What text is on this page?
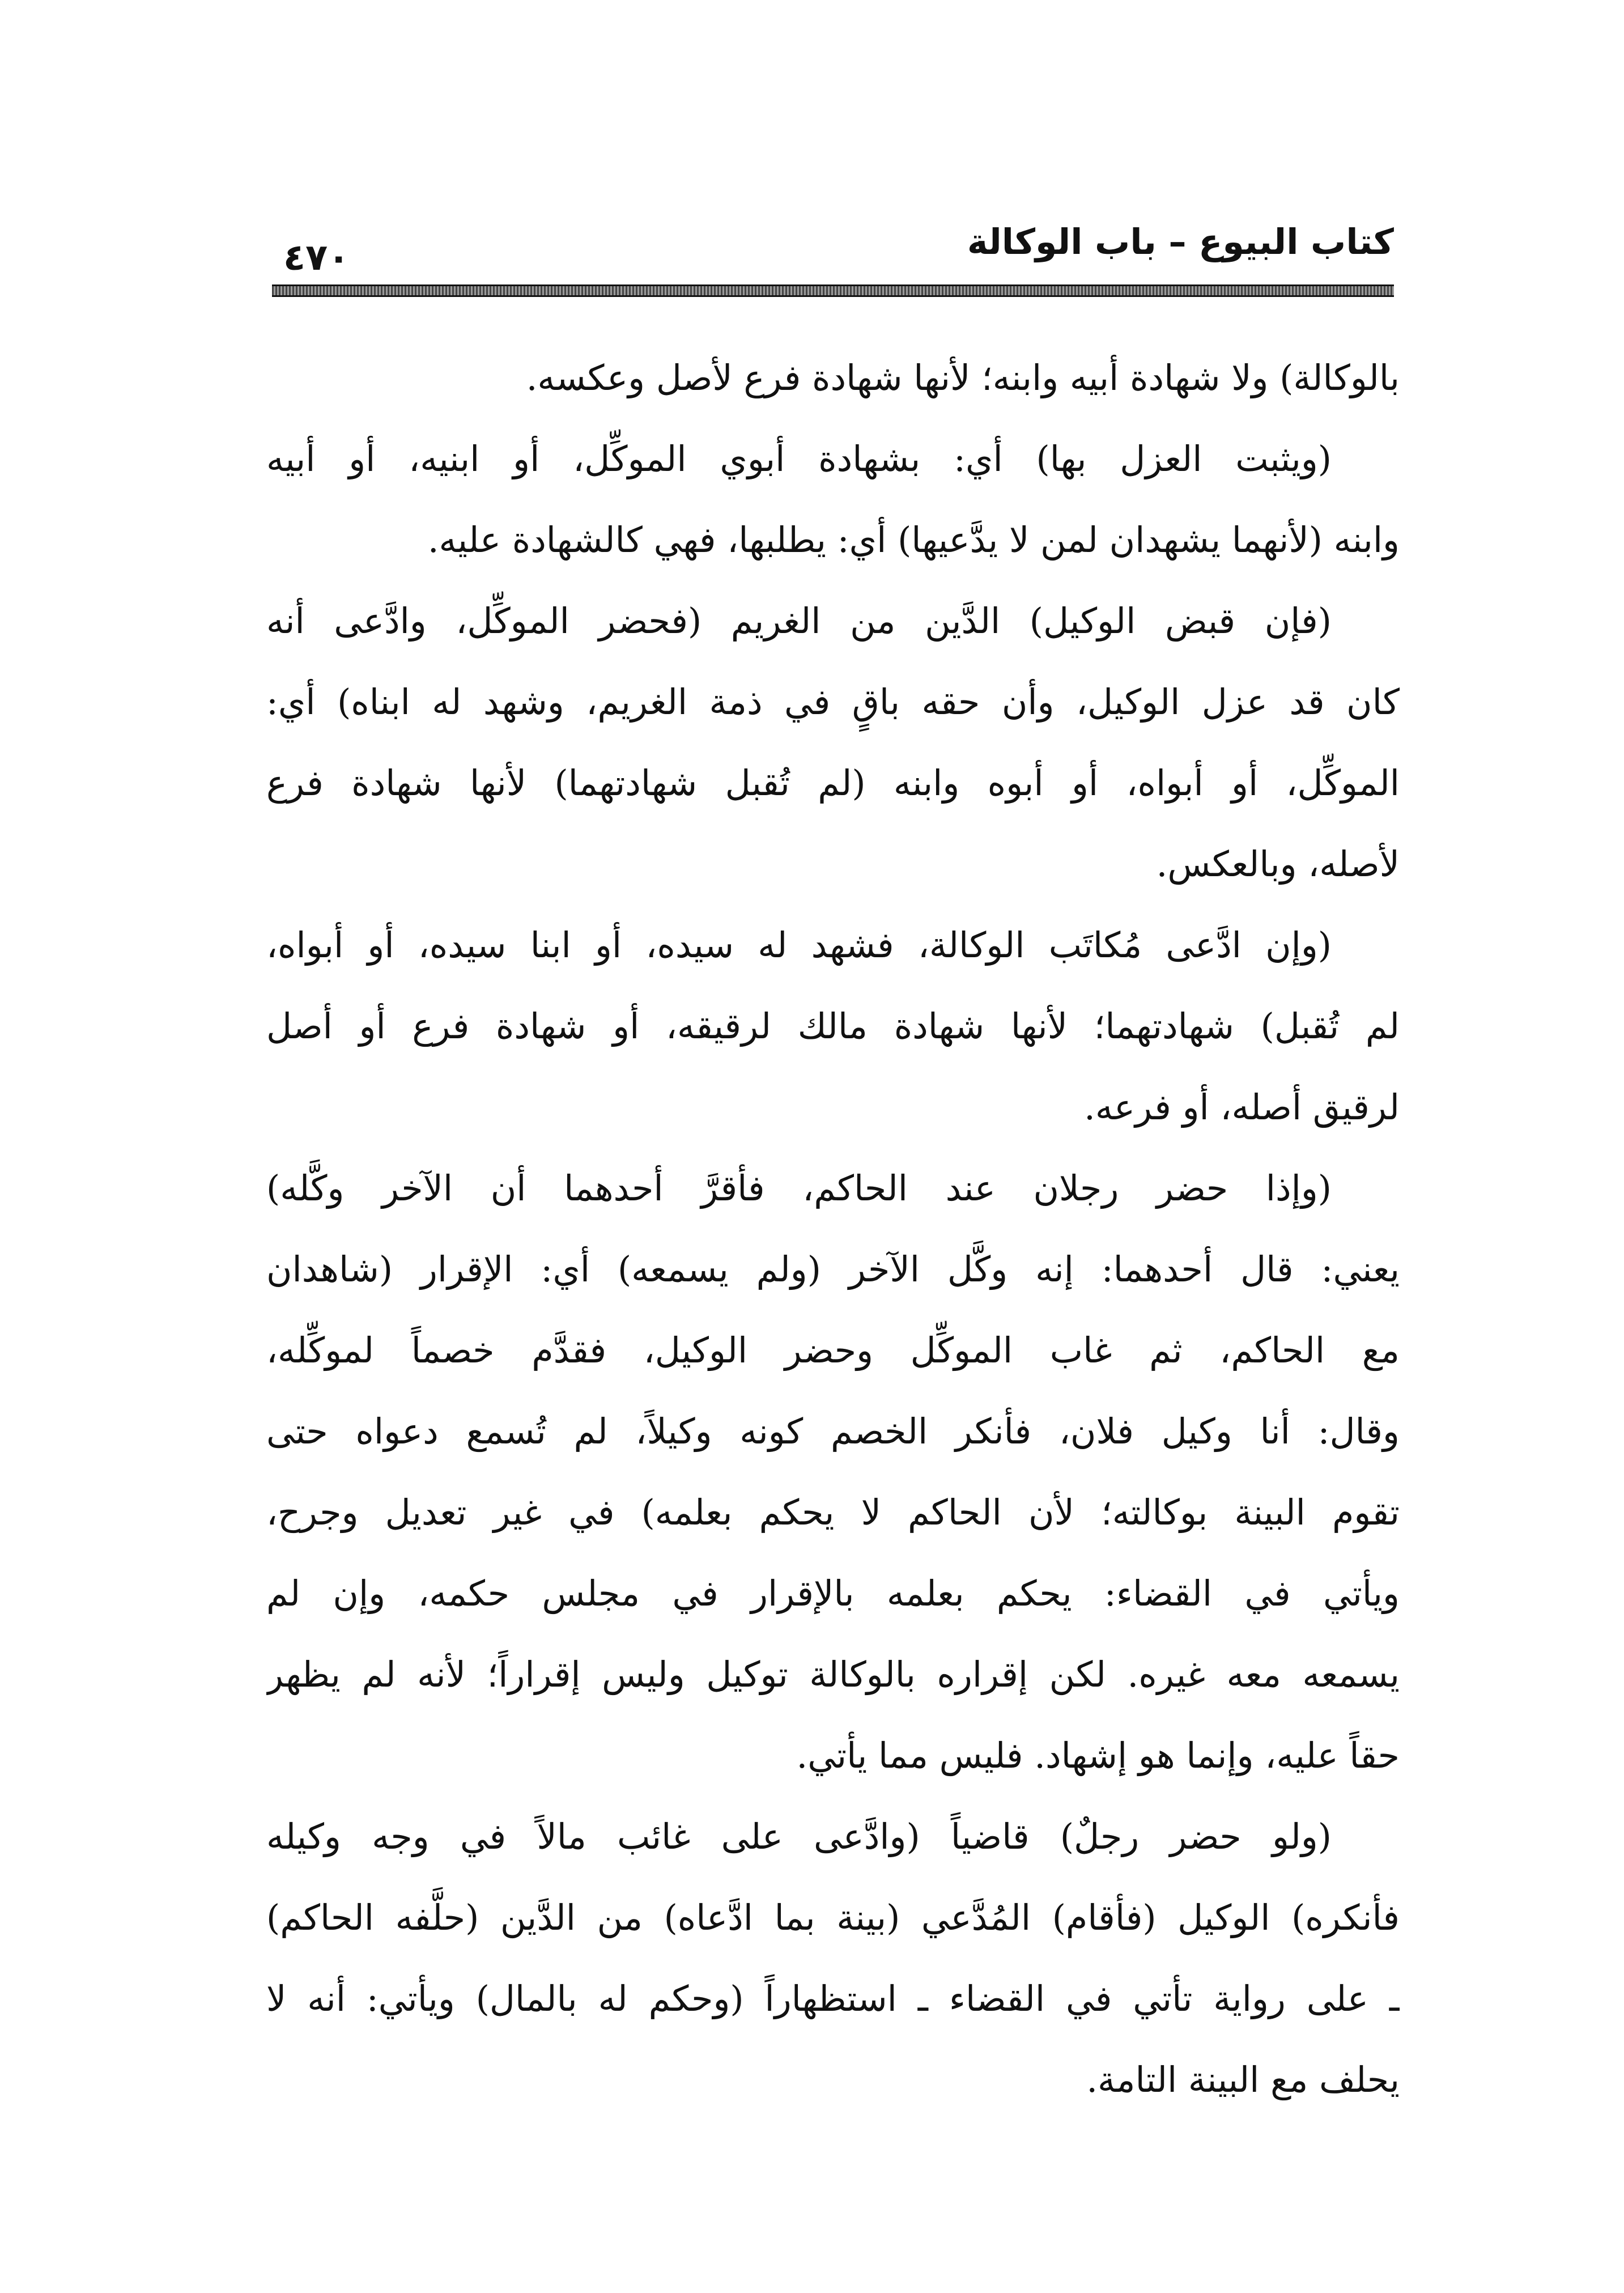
٤٧٠	كتاب البيوع – باب الوكالة
بالوكالة) ولا شهادة أبيه وابنه؛ لأنها شهادة فرع لأصل وعكسه.
(ويثبت العزل بها) أي: بشهادة أبوي الموكِّل، أو ابنيه، أو أبيه
وابنه (لأنهما يشهدان لمن لا يدَّعيها) أي: يطلبها، فهي كالشهادة عليه.
(فإن قبض الوكيل) الدَّين من الغريم (فحضر الموكِّل، وادَّعى أنه
كان قد عزل الوكيل، وأن حقه باقٍ في ذمة الغريم، وشهد له ابناه) أي:
الموكِّل، أو أبواه، أو أبوه وابنه (لم تُقبل شهادتهما) لأنها شهادة فرع
لأصله، وبالعكس.
(وإن ادَّعى مُكاتَب الوكالة، فشهد له سيده، أو ابنا سيده، أو أبواه،
لم تُقبل) شهادتهما؛ لأنها شهادة مالك لرقيقه، أو شهادة فرع أو أصل
لرقيق أصله، أو فرعه.
(وإذا حضر رجلان عند الحاكم، فأقرَّ أحدهما أن الآخر وكَّله)
يعني: قال أحدهما: إنه وكَّل الآخر (ولم يسمعه) أي: الإقرار (شاهدان
مع الحاكم، ثم غاب الموكِّل وحضر الوكيل، فقدَّم خصماً لموكِّله،
وقال: أنا وكيل فلان، فأنكر الخصم كونه وكيلاً، لم تُسمع دعواه حتى
تقوم البينة بوكالته؛ لأن الحاكم لا يحكم بعلمه) في غير تعديل وجرح،
ويأتي في القضاء: يحكم بعلمه بالإقرار في مجلس حكمه، وإن لم
يسمعه معه غيره. لكن إقراره بالوكالة توكيل وليس إقراراً؛ لأنه لم يظهر
حقاً عليه، وإنما هو إشهاد. فليس مما يأتي.
(ولو حضر رجلٌ) قاضياً (وادَّعى على غائب مالاً في وجه وكيله
فأنكره) الوكيل (فأقام) المُدَّعي (بينة بما ادَّعاه) من الدَّين (حلَّفه الحاكم)
ـ على رواية تأتي في القضاء ـ استظهاراً (وحكم له بالمال) ويأتي: أنه لا
يحلف مع البينة التامة.
